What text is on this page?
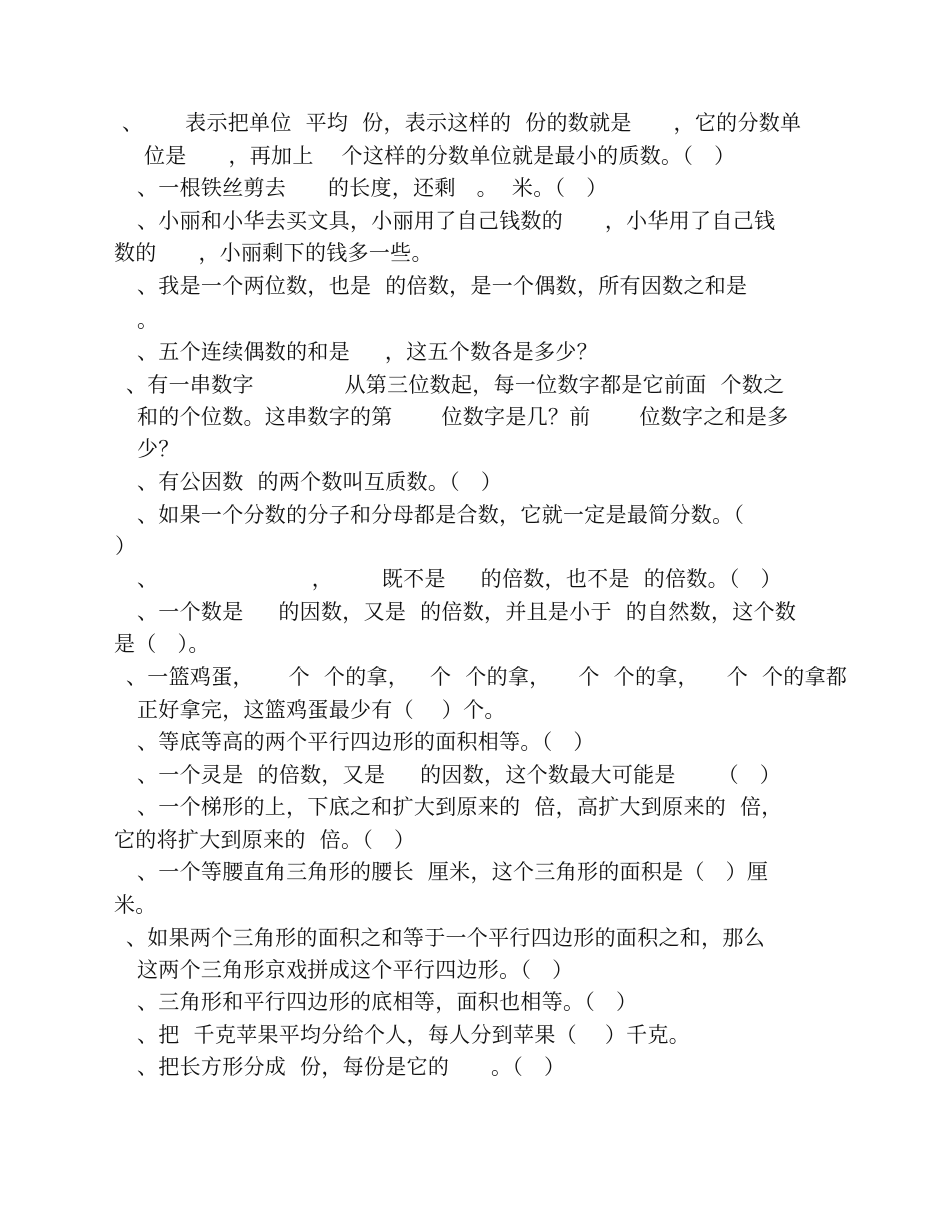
、      表示把单位  平均  份，表示这样的  份的数就是      ，它的分数单
位是      ，再加上    个这样的分数单位就是最小的质数。（   ）
、一根铁丝剪去      的长度，还剩   。  米。（   ）
、小丽和小华去买文具，小丽用了自己钱数的      ，小华用了自己钱
数的      ，小丽剩下的钱多一些。
、我是一个两位数，也是  的倍数，是一个偶数，所有因数之和是
。
、五个连续偶数的和是     ，这五个数各是多少？
、有一串数字             从第三位数起，每一位数字都是它前面  个数之
和的个位数。这串数字的第       位数字是几？前       位数字之和是多
少？
、有公因数  的两个数叫互质数。（   ）
、如果一个分数的分子和分母都是合数，它就一定是最简分数。（
）
、                      ，       既不是     的倍数，也不是  的倍数。（   ）
、一个数是     的因数，又是  的倍数，并且是小于  的自然数，这个数
是（   ）。
、一篮鸡蛋，     个  个的拿，   个  个的拿，    个  个的拿，    个  个的拿都
正好拿完，这篮鸡蛋最少有（    ）个。
、等底等高的两个平行四边形的面积相等。（   ）
、一个灵是  的倍数，又是     的因数，这个数最大可能是      （   ）
、一个梯形的上，下底之和扩大到原来的  倍，高扩大到原来的  倍，
它的将扩大到原来的  倍。（   ）
、一个等腰直角三角形的腰长  厘米，这个三角形的面积是（   ）厘
米。
、如果两个三角形的面积之和等于一个平行四边形的面积之和，那么
这两个三角形京戏拼成这个平行四边形。（   ）
、三角形和平行四边形的底相等，面积也相等。（   ）
、把  千克苹果平均分给个人，每人分到苹果（    ）千克。
、把长方形分成  份，每份是它的      。（   ）
